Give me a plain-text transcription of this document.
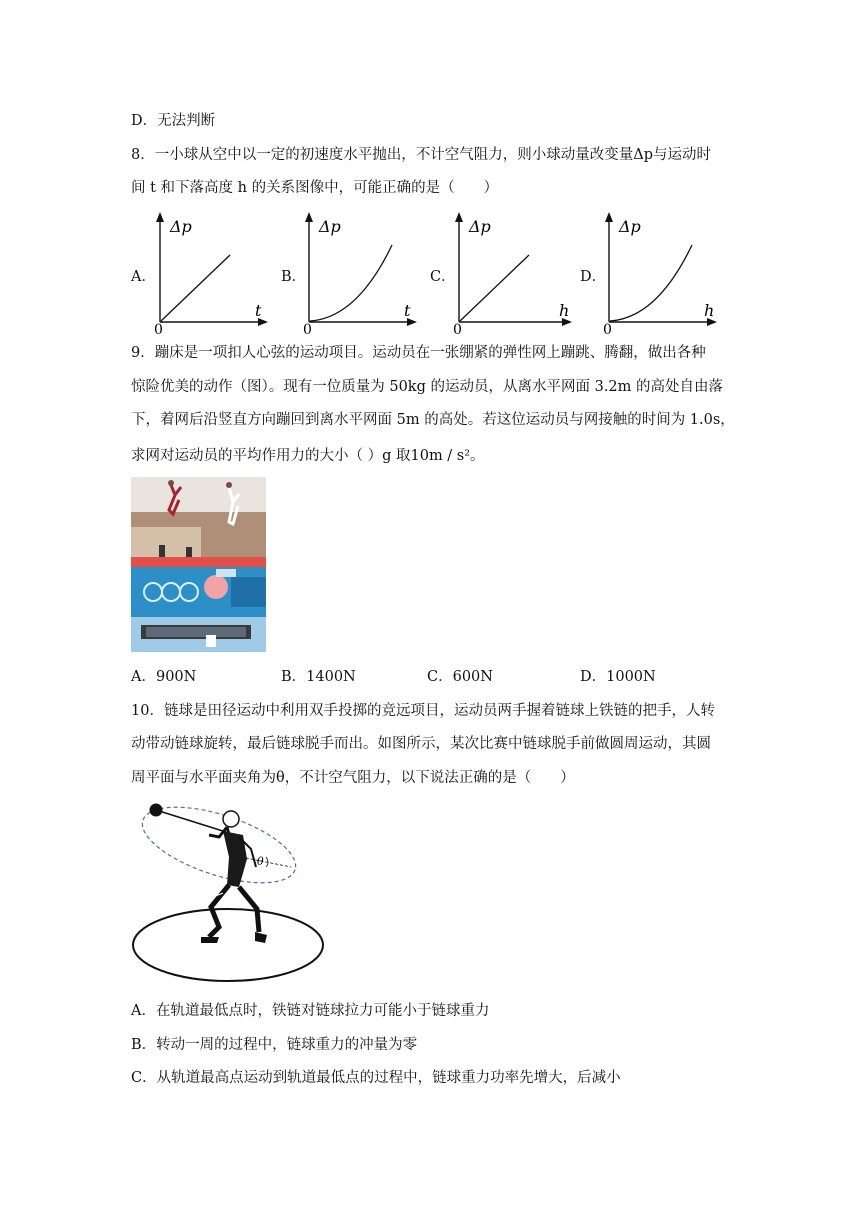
D．无法判断
8．一小球从空中以一定的初速度水平抛出，不计空气阻力，则小球动量改变量Δp与运动时
间 t 和下落高度 h 的关系图像中，可能正确的是（　　）
A．
Δp
t
0
B．
Δp
t
0
C．
Δp
h
0
D．
Δp
h
0
9．蹦床是一项扣人心弦的运动项目。运动员在一张绷紧的弹性网上蹦跳、腾翻，做出各种
惊险优美的动作（图）。现有一位质量为 50kg 的运动员，从离水平网面 3.2m 的高处自由落
下，着网后沿竖直方向蹦回到离水平网面 5m 的高处。若这位运动员与网接触的时间为 1.0s，
求网对运动员的平均作用力的大小（ ）g 取10m / s²。
A．900N	B．1400N	C．600N	D．1000N
10．链球是田径运动中利用双手投掷的竞远项目，运动员两手握着链球上铁链的把手，人转
动带动链球旋转，最后链球脱手而出。如图所示，某次比赛中链球脱手前做圆周运动，其圆
周平面与水平面夹角为θ，不计空气阻力，以下说法正确的是（　　）
θ
A．在轨道最低点时，铁链对链球拉力可能小于链球重力
B．转动一周的过程中，链球重力的冲量为零
C．从轨道最高点运动到轨道最低点的过程中，链球重力功率先增大，后减小
